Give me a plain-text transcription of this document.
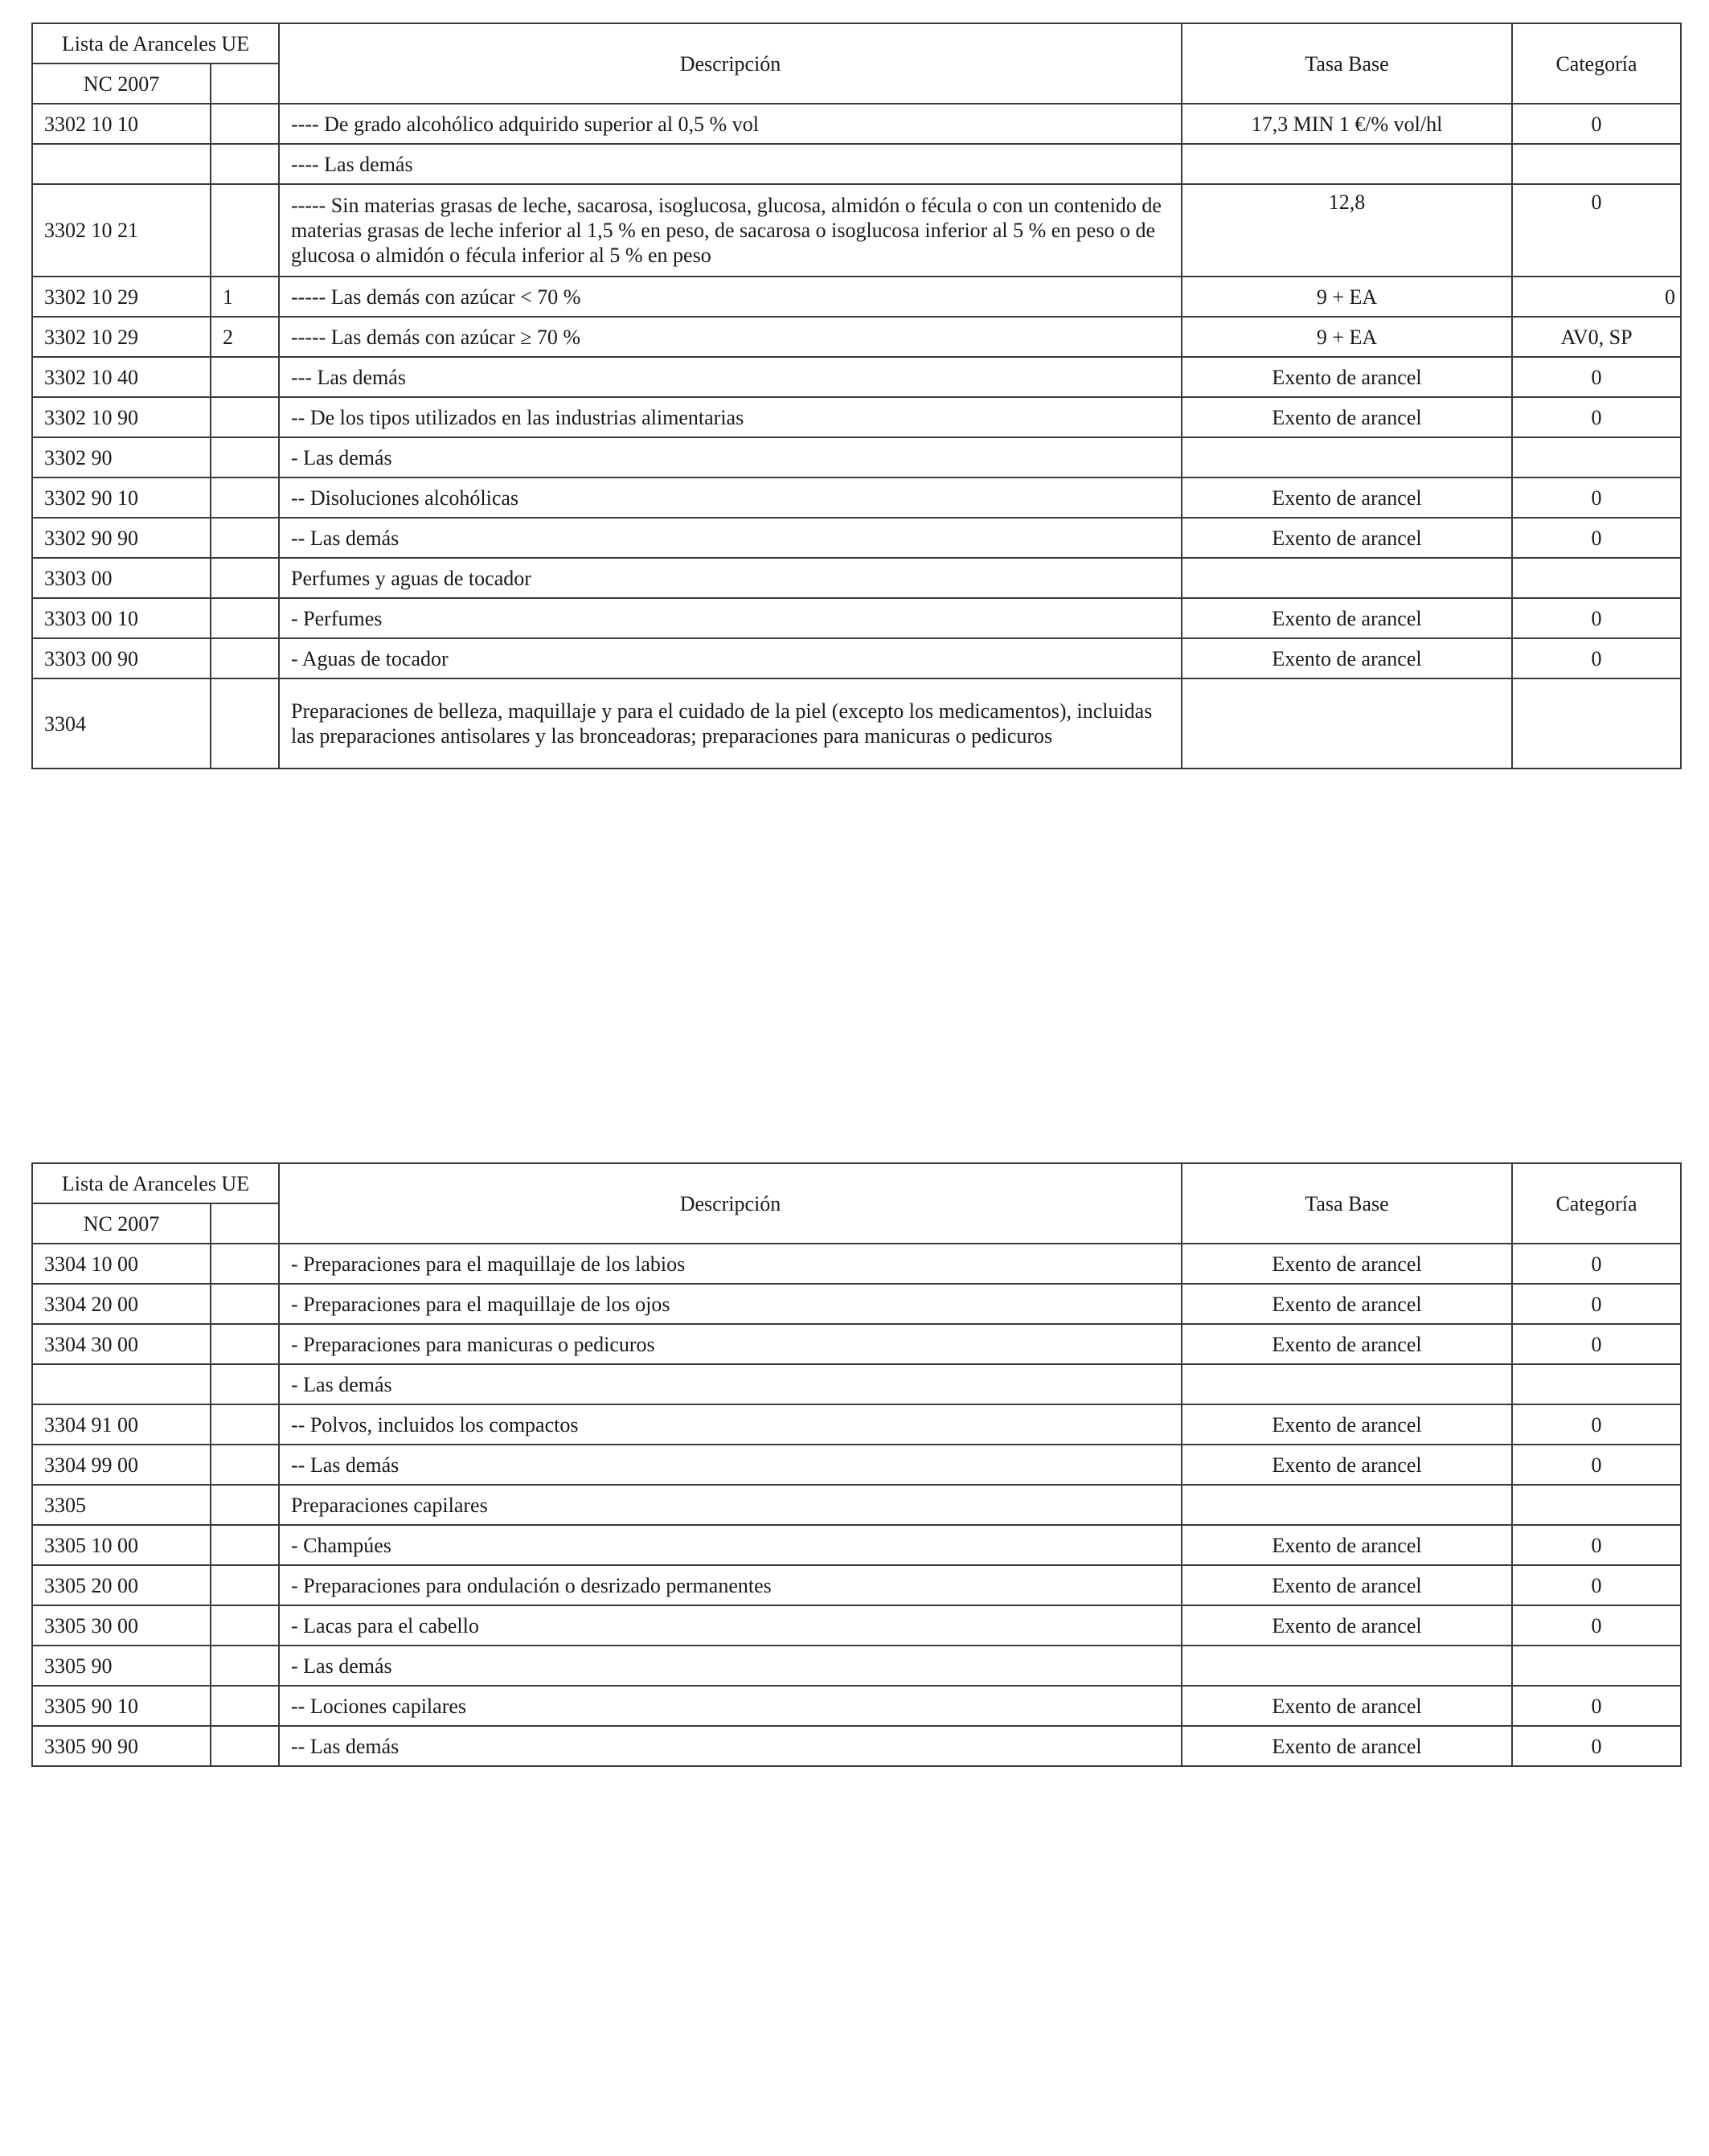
Lista de Aranceles UE		Descripción	Tasa Base	Categoría
NC 2007				
3302 10 10		---- De grado alcohólico adquirido superior al 0,5 % vol	17,3 MIN 1 €/% vol/hl	0
		---- Las demás		
3302 10 21		----- Sin materias grasas de leche, sacarosa, isoglucosa, glucosa, almidón o fécula o con un contenido de materias grasas de leche inferior al 1,5 % en peso, de sacarosa o isoglucosa inferior al 5 % en peso o de glucosa o almidón o fécula inferior al 5 % en peso	12,8	0
3302 10 29	1	----- Las demás con azúcar < 70 %	9 + EA	0
3302 10 29	2	----- Las demás con azúcar ≥ 70 %	9 + EA	AV0, SP
3302 10 40		--- Las demás	Exento de arancel	0
3302 10 90		-- De los tipos utilizados en las industrias alimentarias	Exento de arancel	0
3302 90		- Las demás		
3302 90 10		-- Disoluciones alcohólicas	Exento de arancel	0
3302 90 90		-- Las demás	Exento de arancel	0
3303 00		Perfumes y aguas de tocador		
3303 00 10		- Perfumes	Exento de arancel	0
3303 00 90		- Aguas de tocador	Exento de arancel	0
3304		Preparaciones de belleza, maquillaje y para el cuidado de la piel (excepto los medicamentos), incluidas las preparaciones antisolares y las bronceadoras; preparaciones para manicuras o pedicuros		
Lista de Aranceles UE		Descripción	Tasa Base	Categoría
NC 2007				
3304 10 00		- Preparaciones para el maquillaje de los labios	Exento de arancel	0
3304 20 00		- Preparaciones para el maquillaje de los ojos	Exento de arancel	0
3304 30 00		- Preparaciones para manicuras o pedicuros	Exento de arancel	0
		- Las demás		
3304 91 00		-- Polvos, incluidos los compactos	Exento de arancel	0
3304 99 00		-- Las demás	Exento de arancel	0
3305		Preparaciones capilares		
3305 10 00		- Champúes	Exento de arancel	0
3305 20 00		- Preparaciones para ondulación o desrizado permanentes	Exento de arancel	0
3305 30 00		- Lacas para el cabello	Exento de arancel	0
3305 90		- Las demás		
3305 90 10		-- Lociones capilares	Exento de arancel	0
3305 90 90		-- Las demás	Exento de arancel	0
